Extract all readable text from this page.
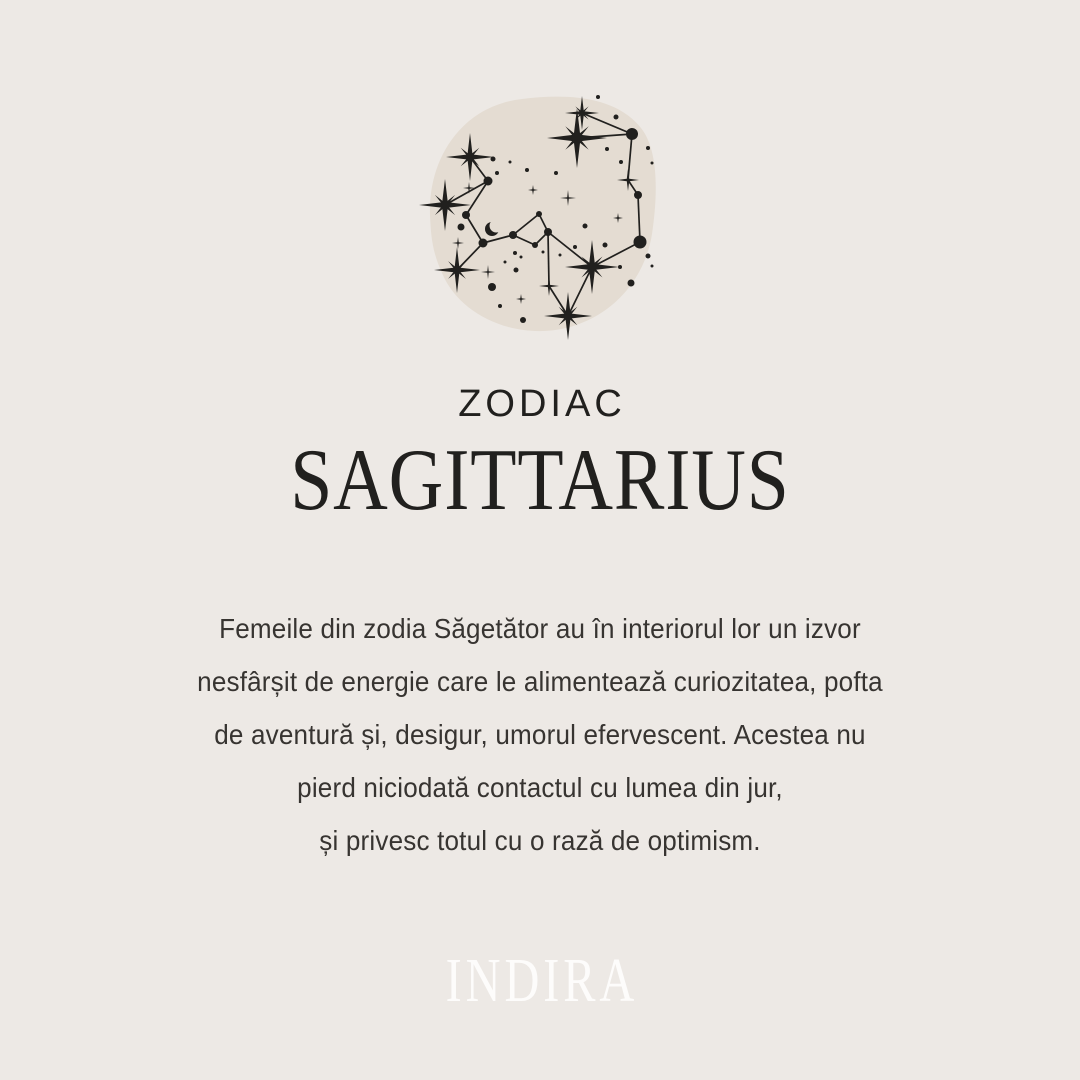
ZODIAC
SAGITTARIUS
Femeile din zodia Săgetător au în interiorul lor un izvor
nesfârșit de energie care le alimentează curiozitatea, pofta
de aventură și, desigur, umorul efervescent. Acestea nu
pierd niciodată contactul cu lumea din jur,
și privesc totul cu o rază de optimism.
INDIRA
